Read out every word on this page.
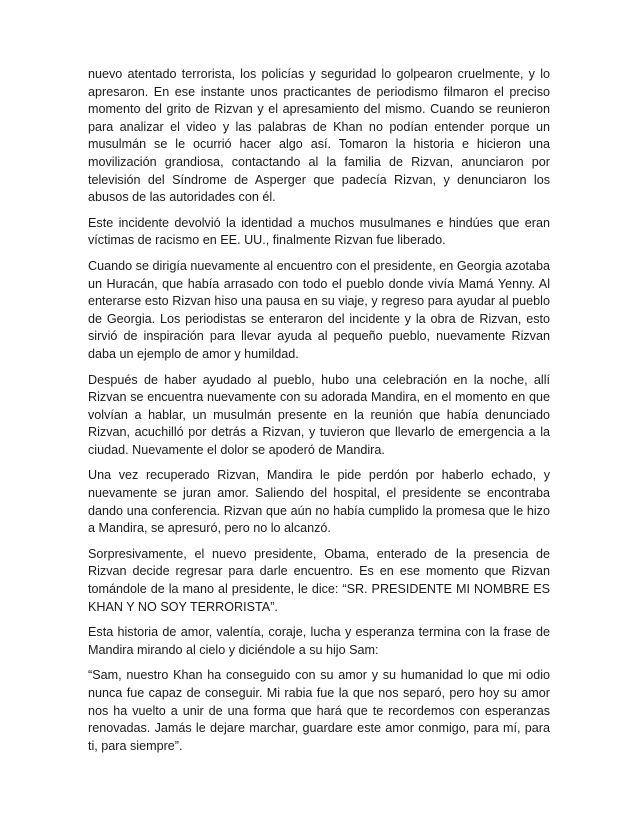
nuevo atentado terrorista, los policías y seguridad lo golpearon cruelmente, y lo apresaron. En ese instante unos practicantes de periodismo filmaron el preciso momento del grito de Rizvan y el apresamiento del mismo. Cuando se reunieron para analizar el video y las palabras de Khan no podían entender porque un musulmán se le ocurrió hacer algo así. Tomaron la historia e hicieron una movilización grandiosa, contactando al la familia de Rizvan, anunciaron por televisión del Síndrome de Asperger que padecía Rizvan, y denunciaron los abusos de las autoridades con él.

Este incidente devolvió la identidad a muchos musulmanes e hindúes que eran víctimas de racismo en EE. UU., finalmente Rizvan fue liberado.

Cuando se dirigía nuevamente al encuentro con el presidente, en Georgia azotaba un Huracán, que había arrasado con todo el pueblo donde vivía Mamá Yenny. Al enterarse esto Rizvan hiso una pausa en su viaje, y regreso para ayudar al pueblo de Georgia. Los periodistas se enteraron del incidente y la obra de Rizvan, esto sirvió de inspiración para llevar ayuda al pequeño pueblo, nuevamente Rizvan daba un ejemplo de amor y humildad.

Después de haber ayudado al pueblo, hubo una celebración en la noche, allí Rizvan se encuentra nuevamente con su adorada Mandira, en el momento en que volvían a hablar, un musulmán presente en la reunión que había denunciado Rizvan, acuchilló por detrás a Rizvan, y tuvieron que llevarlo de emergencia a la ciudad. Nuevamente el dolor se apoderó de Mandira.

Una vez recuperado Rizvan, Mandira le pide perdón por haberlo echado, y nuevamente se juran amor. Saliendo del hospital, el presidente se encontraba dando una conferencia. Rizvan que aún no había cumplido la promesa que le hizo a Mandira, se apresuró, pero no lo alcanzó.

Sorpresivamente, el nuevo presidente, Obama, enterado de la presencia de Rizvan decide regresar para darle encuentro. Es en ese momento que Rizvan tomándole de la mano al presidente, le dice: “SR. PRESIDENTE MI NOMBRE ES KHAN Y NO SOY TERRORISTA”.

Esta historia de amor, valentía, coraje, lucha y esperanza termina con la frase de Mandira mirando al cielo y diciéndole a su hijo Sam:

“Sam, nuestro Khan ha conseguido con su amor y su humanidad lo que mi odio nunca fue capaz de conseguir. Mi rabia fue la que nos separó, pero hoy su amor nos ha vuelto a unir de una forma que hará que te recordemos con esperanzas renovadas. Jamás le dejare marchar, guardare este amor conmigo, para mí, para ti, para siempre”.
